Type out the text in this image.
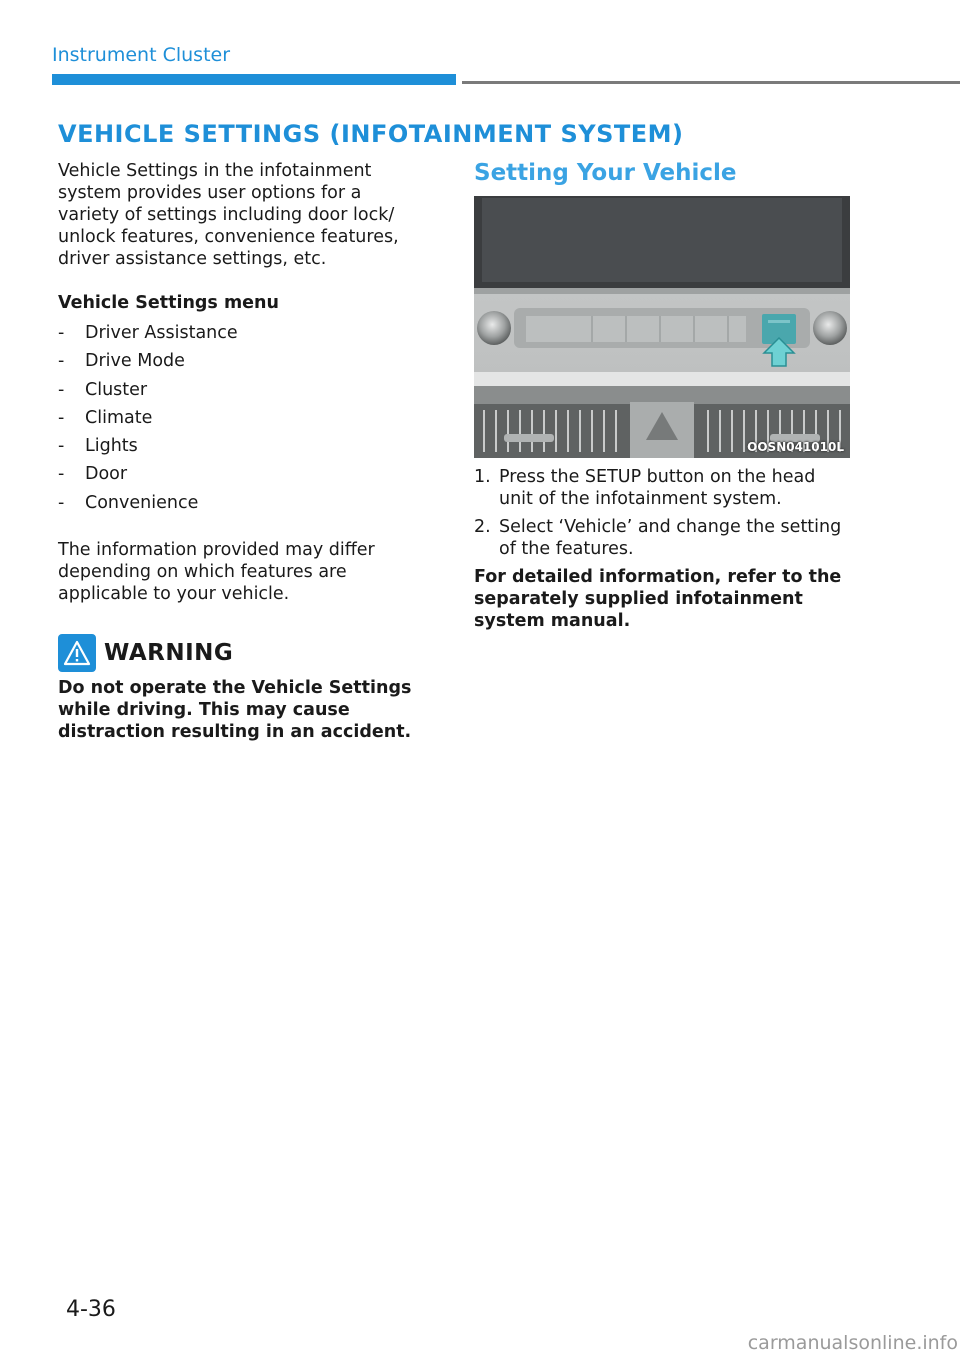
Instrument Cluster
VEHICLE SETTINGS (INFOTAINMENT SYSTEM)

Vehicle Settings in the infotainment system provides user options for a variety of settings including door lock/ unlock features, convenience features, driver assistance settings, etc.

Vehicle Settings menu

- Driver Assistance
- Drive Mode
- Cluster
- Climate
- Lights
- Door
- Convenience

The information provided may differ depending on which features are applicable to your vehicle.

WARNING
Do not operate the Vehicle Settings while driving. This may cause distraction resulting in an accident.
Setting Your Vehicle
OOSN041010L
1. Press the SETUP button on the head unit of the infotainment system.
2. Select ‘Vehicle’ and change the setting of the features.
For detailed information, refer to the separately supplied infotainment system manual.
4-36
carmanualsonline.info
